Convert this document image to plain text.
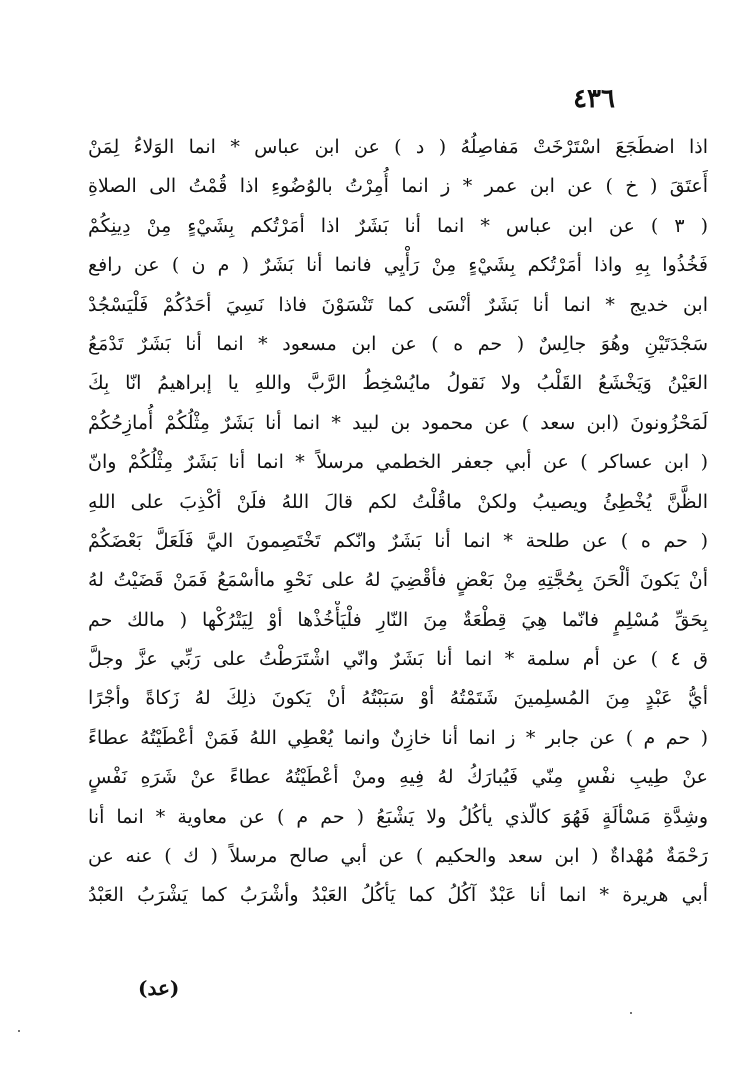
٤٣٦
اذا اضطَجَعَ اسْتَرْخَتْ مَفاصِلُهُ ( د ) عن ابن عباس * انما الوَلاءُ لِمَنْ
أَعتَقَ ( خ ) عن ابن عمر * ز انما أُمِرْتُ بالوُضُوءِ اذا قُمْتُ الى الصلاةِ
( ٣ ) عن ابن عباس * انما أنا بَشَرٌ اذا أمَرْتُكم بِشَيْءٍ مِنْ دِينِكُمْ
فَخُذُوا بِهِ واذا أمَرْتُكم بِشَيْءٍ مِنْ رَأْيِي فانما أنا بَشَرٌ ( م ن ) عن رافع
ابن خديج * انما أنا بَشَرٌ أنْسَى كما تَنْسَوْنَ فاذا نَسِيَ أحَدُكُمْ فَلْيَسْجُدْ
سَجْدَتَيْنِ وهُوَ جالِسٌ ( حم ه ) عن ابن مسعود * انما أنا بَشَرٌ تَدْمَعُ
العَيْنُ وَيَخْشَعُ القَلْبُ ولا نَقولُ مايُسْخِطُ الرَّبَّ واللهِ يا إبراهيمُ انّا بِكَ
لَمَحْزُونونَ (ابن سعد ) عن محمود بن لبيد * انما أنا بَشَرٌ مِثْلُكُمْ أُمازِحُكُمْ
( ابن عساكر ) عن أبي جعفر الخطمي مرسلاً * انما أنا بَشَرٌ مِثْلُكُمْ وانّ
الظَّنَّ يُخْطِئُ ويصيبُ ولكنْ ماقُلْتُ لكم قالَ اللهُ فلَنْ أكْذِبَ على اللهِ
( حم ه ) عن طلحة * انما أنا بَشَرٌ وانّكم تَخْتَصِمونَ اليَّ فَلَعَلَّ بَعْضَكُمْ
أنْ يَكونَ ألْحَنَ بِحُجَّتِهِ مِنْ بَعْضٍ فأقْضِيَ لهُ على نَحْوِ ماأسْمَعُ فَمَنْ قَضَيْتُ لهُ
بِحَقِّ مُسْلِمٍ فانّما هِيَ قِطْعَةٌ مِنَ النّارِ فلْيَأْخُذْها أوْ لِيَتْرُكْها ( مالك حم
ق ٤ ) عن أم سلمة * انما أنا بَشَرٌ وانّي اشْتَرَطْتُ على رَبِّي عزَّ وجلَّ
أيُّ عَبْدٍ مِنَ المُسلِمينَ شَتَمْتُهُ أوْ سَبَبْتُهُ أنْ يَكونَ ذلِكَ لهُ زَكاةً وأجْرًا
( حم م ) عن جابر * ز انما أنا خازِنٌ وانما يُعْطِي اللهُ فَمَنْ أعْطَيْتُهُ عطاءً
عنْ طِيبِ نفْسٍ مِنّي فَيُبارَكُ لهُ فِيهِ ومنْ أعْطَيْتُهُ عطاءً عنْ شَرَهِ نَفْسٍ
وشِدَّةِ مَسْألَةٍ فَهُوَ كالّذي يأكُلُ ولا يَشْبَعُ ( حم م ) عن معاوية * انما أنا
رَحْمَةٌ مُهْداةٌ ( ابن سعد والحكيم ) عن أبي صالح مرسلاً ( ك ) عنه عن
أبي هريرة * انما أنا عَبْدٌ آكُلُ كما يَأكُلُ العَبْدُ وأشْرَبُ كما يَشْرَبُ العَبْدُ
(عد)
